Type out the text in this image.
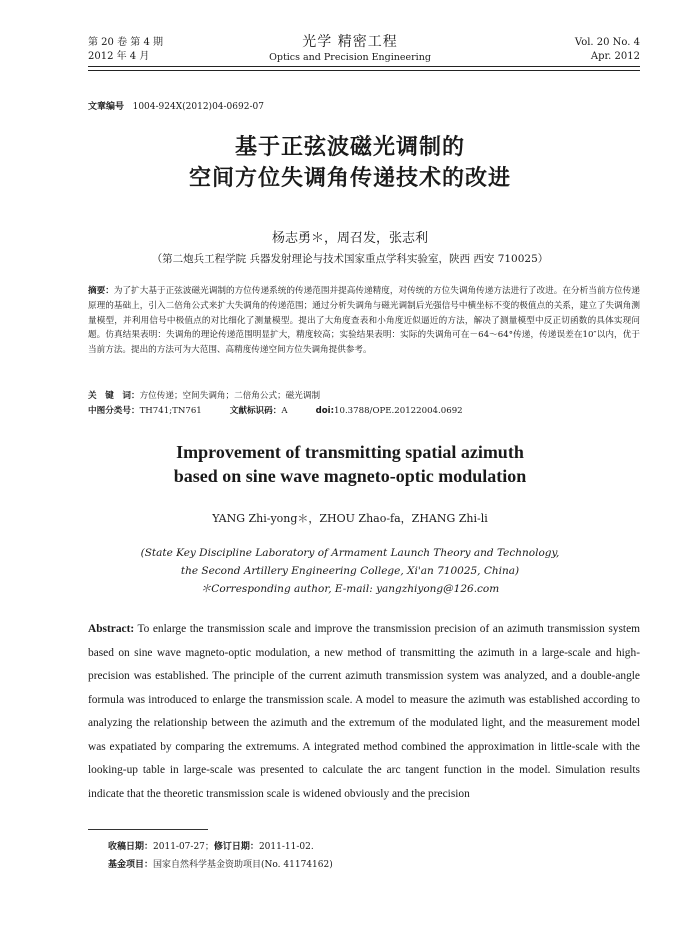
第 20 卷 第 4 期
2012 年 4 月
光学 精密工程
Optics and Precision Engineering
Vol. 20 No. 4
Apr. 2012
文章编号 1004-924X(2012)04-0692-07
基于正弦波磁光调制的
空间方位失调角传递技术的改进
杨志勇＊，周召发，张志利
（第二炮兵工程学院 兵器发射理论与技术国家重点学科实验室，陕西 西安 710025）
摘要：为了扩大基于正弦波磁光调制的方位传递系统的传递范围并提高传递精度，对传统的方位失调角传递方法进行了改进。在分析当前方位传递原理的基础上，引入二倍角公式来扩大失调角的传递范围；通过分析失调角与磁光调制后光强信号中横坐标不变的极值点的关系，建立了失调角测量模型，并利用信号中极值点的对比细化了测量模型。提出了大角度查表和小角度近似逼近的方法，解决了测量模型中反正切函数的具体实现问题。仿真结果表明：失调角的理论传递范围明显扩大，精度较高；实验结果表明：实际的失调角可在－64～64°传递，传递误差在10″以内，优于当前方法。提出的方法可为大范围、高精度传递空间方位失调角提供参考。
关　键　词：方位传递；空间失调角；二倍角公式；磁光调制
中图分类号：TH741;TN761	文献标识码：A	doi:10.3788/OPE.20122004.0692
Improvement of transmitting spatial azimuth
based on sine wave magneto-optic modulation
YANG Zhi-yong＊，ZHOU Zhao-fa，ZHANG Zhi-li
(State Key Discipline Laboratory of Armament Launch Theory and Technology,
the Second Artillery Engineering College, Xi'an 710025, China)
＊Corresponding author, E-mail: yangzhiyong@126.com
Abstract: To enlarge the transmission scale and improve the transmission precision of an azimuth transmission system based on sine wave magneto-optic modulation, a new method of transmitting the azimuth in a large-scale and high-precision was established. The principle of the current azimuth transmission system was analyzed, and a double-angle formula was introduced to enlarge the transmission scale. A model to measure the azimuth was established according to analyzing the relationship between the azimuth and the extremum of the modulated light, and the measurement model was expatiated by comparing the extremums. A integrated method combined the approximation in little-scale with the looking-up table in large-scale was presented to calculate the arc tangent function in the model. Simulation results indicate that the theoretic transmission scale is widened obviously and the precision
收稿日期：2011-07-27；修订日期：2011-11-02.
基金项目：国家自然科学基金资助项目(No. 41174162)
